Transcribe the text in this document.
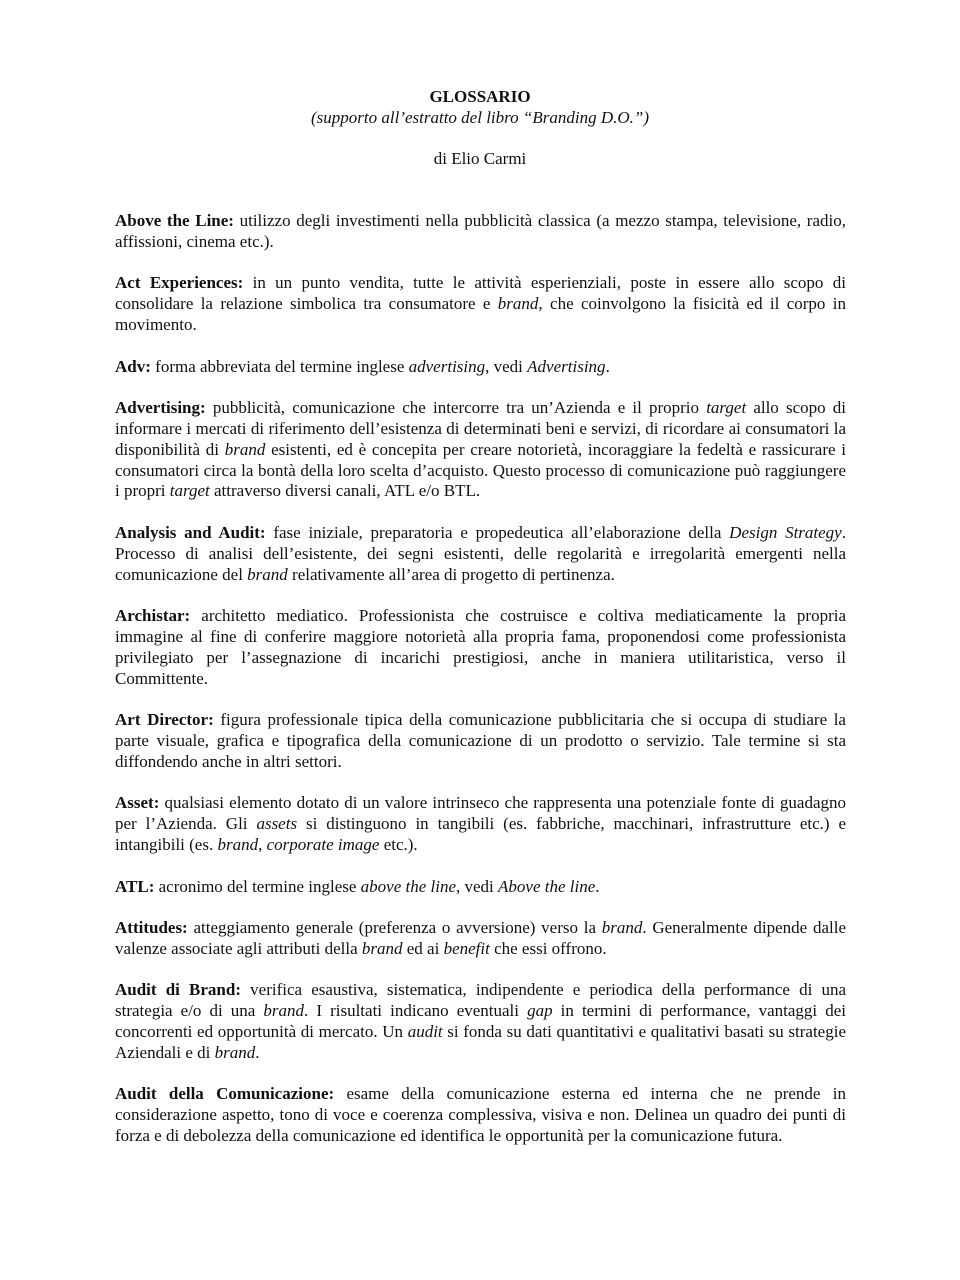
GLOSSARIO
(supporto all’estratto del libro “Branding D.O.”)
di Elio Carmi

Above the Line: utilizzo degli investimenti nella pubblicità classica (a mezzo stampa, televisione, radio, affissioni, cinema etc.).

Act Experiences: in un punto vendita, tutte le attività esperienziali, poste in essere allo scopo di consolidare la relazione simbolica tra consumatore e brand, che coinvolgono la fisicità ed il corpo in movimento.

Adv: forma abbreviata del termine inglese advertising, vedi Advertising.

Advertising: pubblicità, comunicazione che intercorre tra un’Azienda e il proprio target allo scopo di informare i mercati di riferimento dell’esistenza di determinati beni e servizi, di ricordare ai consumatori la disponibilità di brand esistenti, ed è concepita per creare notorietà, incoraggiare la fedeltà e rassicurare i consumatori circa la bontà della loro scelta d’acquisto. Questo processo di comunicazione può raggiungere i propri target attraverso diversi canali, ATL e/o BTL.

Analysis and Audit: fase iniziale, preparatoria e propedeutica all’elaborazione della Design Strategy. Processo di analisi dell’esistente, dei segni esistenti, delle regolarità e irregolarità emergenti nella comunicazione del brand relativamente all’area di progetto di pertinenza.

Archistar: architetto mediatico. Professionista che costruisce e coltiva mediaticamente la propria immagine al fine di conferire maggiore notorietà alla propria fama, proponendosi come professionista privilegiato per l’assegnazione di incarichi prestigiosi, anche in maniera utilitaristica, verso il Committente.

Art Director: figura professionale tipica della comunicazione pubblicitaria che si occupa di studiare la parte visuale, grafica e tipografica della comunicazione di un prodotto o servizio. Tale termine si sta diffondendo anche in altri settori.

Asset: qualsiasi elemento dotato di un valore intrinseco che rappresenta una potenziale fonte di guadagno per l’Azienda. Gli assets si distinguono in tangibili (es. fabbriche, macchinari, infrastrutture etc.) e intangibili (es. brand, corporate image etc.).

ATL: acronimo del termine inglese above the line, vedi Above the line.

Attitudes: atteggiamento generale (preferenza o avversione) verso la brand. Generalmente dipende dalle valenze associate agli attributi della brand ed ai benefit che essi offrono.

Audit di Brand: verifica esaustiva, sistematica, indipendente e periodica della performance di una strategia e/o di una brand. I risultati indicano eventuali gap in termini di performance, vantaggi dei concorrenti ed opportunità di mercato. Un audit si fonda su dati quantitativi e qualitativi basati su strategie Aziendali e di brand.

Audit della Comunicazione: esame della comunicazione esterna ed interna che ne prende in considerazione aspetto, tono di voce e coerenza complessiva, visiva e non. Delinea un quadro dei punti di forza e di debolezza della comunicazione ed identifica le opportunità per la comunicazione futura.
